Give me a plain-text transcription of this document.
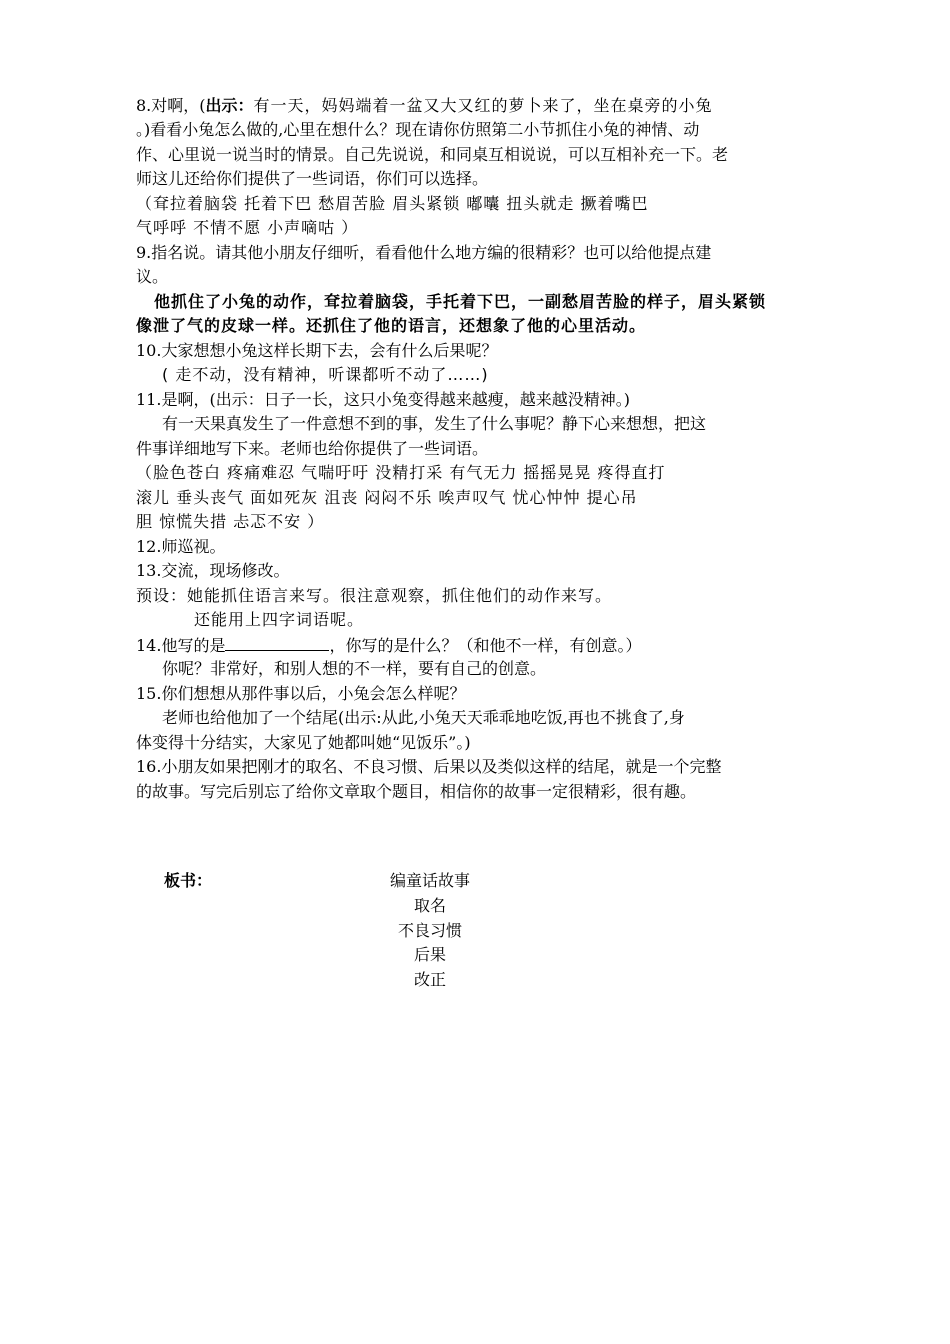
8.对啊，(出示：有一天，妈妈端着一盆又大又红的萝卜来了，坐在桌旁的小兔
。)看看小兔怎么做的,心里在想什么？现在请你仿照第二小节抓住小兔的神情、动
作、心里说一说当时的情景。自己先说说，和同桌互相说说，可以互相补充一下。老
师这儿还给你们提供了一些词语，你们可以选择。
（耷拉着脑袋 托着下巴 愁眉苦脸 眉头紧锁 嘟囔 扭头就走 撅着嘴巴
气呼呼 不情不愿 小声嘀咕 ）
9.指名说。请其他小朋友仔细听，看看他什么地方编的很精彩？也可以给他提点建
议。
他抓住了小兔的动作，耷拉着脑袋，手托着下巴，一副愁眉苦脸的样子，眉头紧锁
像泄了气的皮球一样。还抓住了他的语言，还想象了他的心里活动。
10.大家想想小兔这样长期下去，会有什么后果呢？
( 走不动，没有精神，听课都听不动了……)
11.是啊，(出示：日子一长，这只小兔变得越来越瘦，越来越没精神。)
有一天果真发生了一件意想不到的事，发生了什么事呢？静下心来想想，把这
件事详细地写下来。老师也给你提供了一些词语。
（脸色苍白 疼痛难忍 气喘吁吁 没精打采 有气无力 摇摇晃晃 疼得直打
滚儿 垂头丧气 面如死灰 沮丧 闷闷不乐 唉声叹气 忧心忡忡 提心吊
胆 惊慌失措 忐忑不安 ）
12.师巡视。
13.交流，现场修改。
预设：她能抓住语言来写。很注意观察，抓住他们的动作来写。
还能用上四字词语呢。
14.他写的是	，你写的是什么？（和他不一样，有创意。）
你呢？非常好，和别人想的不一样，要有自己的创意。
15.你们想想从那件事以后，小兔会怎么样呢？
老师也给他加了一个结尾(出示:从此,小兔天天乖乖地吃饭,再也不挑食了,身
体变得十分结实，大家见了她都叫她“见饭乐”。)
16.小朋友如果把刚才的取名、不良习惯、后果以及类似这样的结尾，就是一个完整
的故事。写完后别忘了给你文章取个题目，相信你的故事一定很精彩，很有趣。
板书：	编童话故事
取名
不良习惯
后果
改正
